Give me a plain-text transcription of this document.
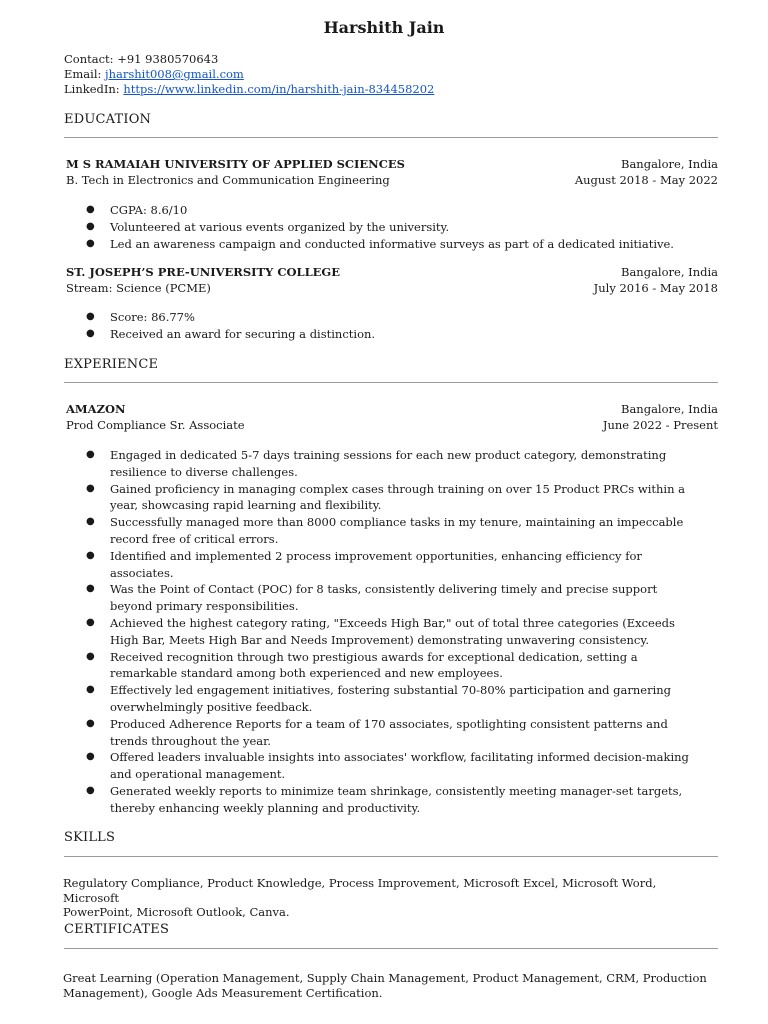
Harshith Jain
Contact: +91 9380570643
Email: jharshit008@gmail.com
LinkedIn: https://www.linkedin.com/in/harshith-jain-834458202
EDUCATION
M S RAMAIAH UNIVERSITY OF APPLIED SCIENCES	Bangalore, India
B. Tech in Electronics and Communication Engineering	August 2018 - May 2022
● CGPA: 8.6/10
● Volunteered at various events organized by the university.
● Led an awareness campaign and conducted informative surveys as part of a dedicated initiative.
ST. JOSEPH’S PRE-UNIVERSITY COLLEGE	Bangalore, India
Stream: Science (PCME)	July 2016 - May 2018
● Score: 86.77%
● Received an award for securing a distinction.
EXPERIENCE
AMAZON	Bangalore, India
Prod Compliance Sr. Associate	June 2022 - Present
● Engaged in dedicated 5-7 days training sessions for each new product category, demonstrating
resilience to diverse challenges.
● Gained proficiency in managing complex cases through training on over 15 Product PRCs within a
year, showcasing rapid learning and flexibility.
● Successfully managed more than 8000 compliance tasks in my tenure, maintaining an impeccable
record free of critical errors.
● Identified and implemented 2 process improvement opportunities, enhancing efficiency for
associates.
● Was the Point of Contact (POC) for 8 tasks, consistently delivering timely and precise support
beyond primary responsibilities.
● Achieved the highest category rating, "Exceeds High Bar," out of total three categories (Exceeds
High Bar, Meets High Bar and Needs Improvement) demonstrating unwavering consistency.
● Received recognition through two prestigious awards for exceptional dedication, setting a
remarkable standard among both experienced and new employees.
● Effectively led engagement initiatives, fostering substantial 70-80% participation and garnering
overwhelmingly positive feedback.
● Produced Adherence Reports for a team of 170 associates, spotlighting consistent patterns and
trends throughout the year.
● Offered leaders invaluable insights into associates' workflow, facilitating informed decision-making
and operational management.
● Generated weekly reports to minimize team shrinkage, consistently meeting manager-set targets,
thereby enhancing weekly planning and productivity.
SKILLS
Regulatory Compliance, Product Knowledge, Process Improvement, Microsoft Excel, Microsoft Word, Microsoft
PowerPoint, Microsoft Outlook, Canva.
CERTIFICATES
Great Learning (Operation Management, Supply Chain Management, Product Management, CRM, Production
Management), Google Ads Measurement Certification.
